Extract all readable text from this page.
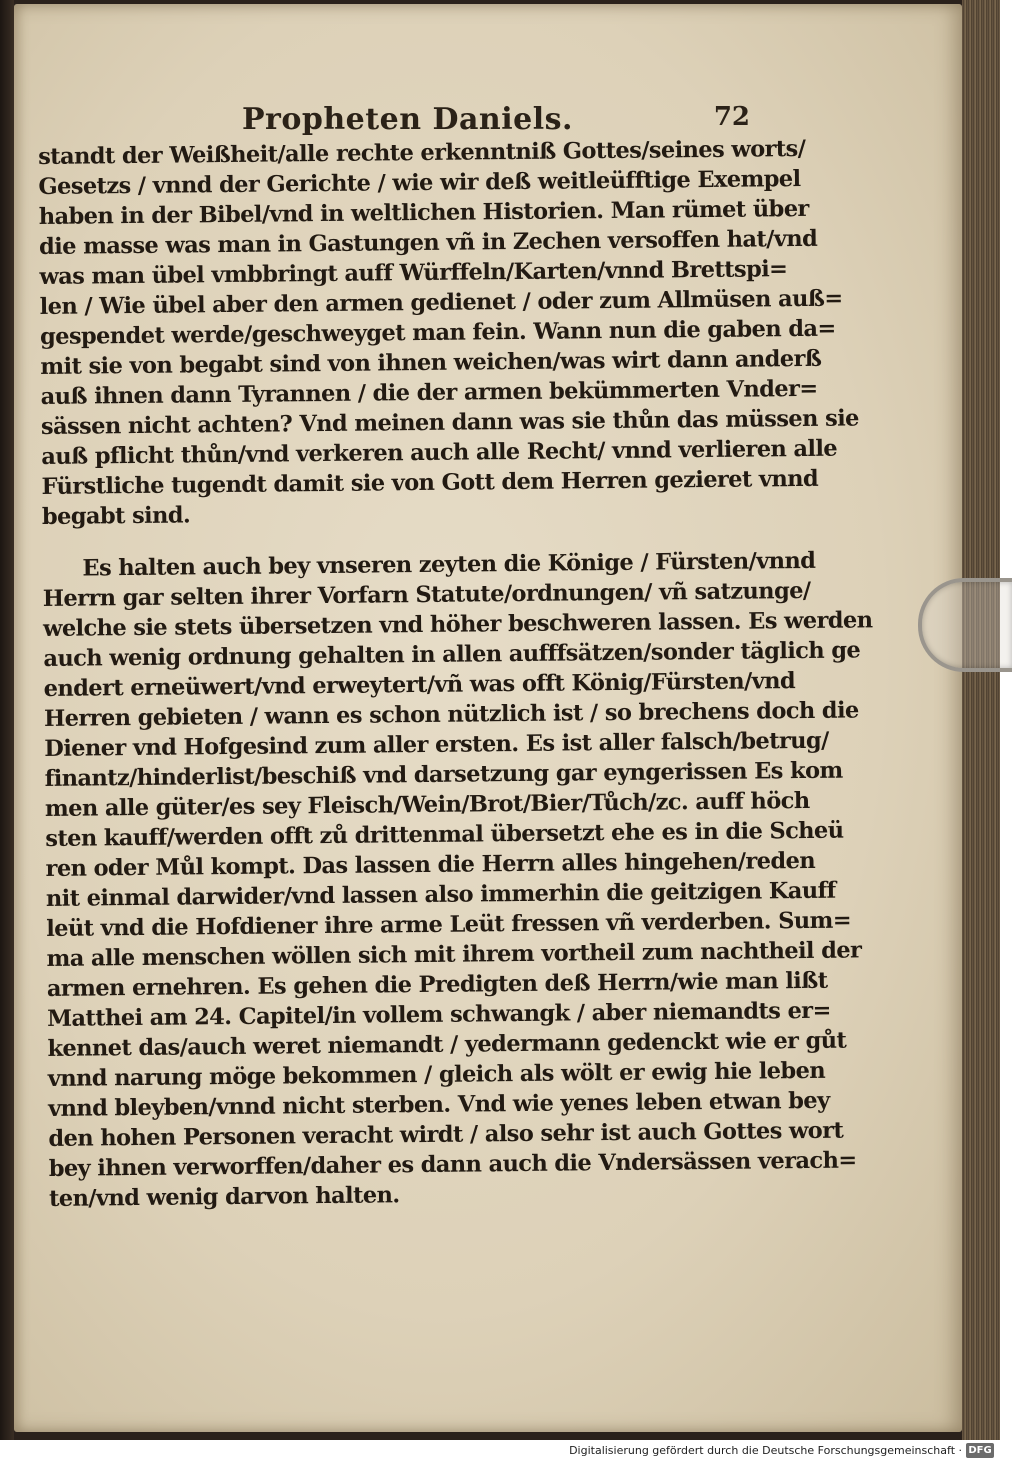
Propheten Daniels.	72
standt der Weißheit/alle rechte erkenntniß Gottes/seines worts/
Gesetzs / vnnd der Gerichte / wie wir deß weitleüfftige Exempel
haben in der Bibel/vnd in weltlichen Historien. Man rümet über
die masse was man in Gastungen vñ in Zechen versoffen hat/vnd
was man übel vmbbringt auff Würffeln/Karten/vnnd Brettspi=
len / Wie übel aber den armen gedienet / oder zum Allmüsen auß=
gespendet werde/geschweyget man fein. Wann nun die gaben da=
mit sie von begabt sind von ihnen weichen/was wirt dann anderß
auß ihnen dann Tyrannen / die der armen bekümmerten Vnder=
sässen nicht achten? Vnd meinen dann was sie thůn das müssen sie
auß pflicht thůn/vnd verkeren auch alle Recht/ vnnd verlieren alle
Fürstliche tugendt damit sie von Gott dem Herren gezieret vnnd
begabt sind.
Es halten auch bey vnseren zeyten die Könige / Fürsten/vnnd
Herrn gar selten ihrer Vorfarn Statute/ordnungen/ vñ satzunge/
welche sie stets übersetzen vnd höher beschweren lassen. Es werden
auch wenig ordnung gehalten in allen aufffsätzen/sonder täglich ge
endert erneüwert/vnd erweytert/vñ was offt König/Fürsten/vnd
Herren gebieten / wann es schon nützlich ist / so brechens doch die
Diener vnd Hofgesind zum aller ersten. Es ist aller falsch/betrug/
finantz/hinderlist/beschiß vnd darsetzung gar eyngerissen Es kom
men alle güter/es sey Fleisch/Wein/Brot/Bier/Tůch/zc. auff höch
sten kauff/werden offt zů drittenmal übersetzt ehe es in die Scheü
ren oder Můl kompt. Das lassen die Herrn alles hingehen/reden
nit einmal darwider/vnd lassen also immerhin die geitzigen Kauff
leüt vnd die Hofdiener ihre arme Leüt fressen vñ verderben. Sum=
ma alle menschen wöllen sich mit ihrem vortheil zum nachtheil der
armen ernehren. Es gehen die Predigten deß Herrn/wie man lißt
Matthei am 24. Capitel/in vollem schwangk / aber niemandts er=
kennet das/auch weret niemandt / yedermann gedenckt wie er gůt
vnnd narung möge bekommen / gleich als wölt er ewig hie leben
vnnd bleyben/vnnd nicht sterben. Vnd wie yenes leben etwan bey
den hohen Personen veracht wirdt / also sehr ist auch Gottes wort
bey ihnen verworffen/daher es dann auch die Vndersässen verach=
ten/vnd wenig darvon halten.
Digitalisierung gefördert durch die Deutsche Forschungsgemeinschaft · DFG
